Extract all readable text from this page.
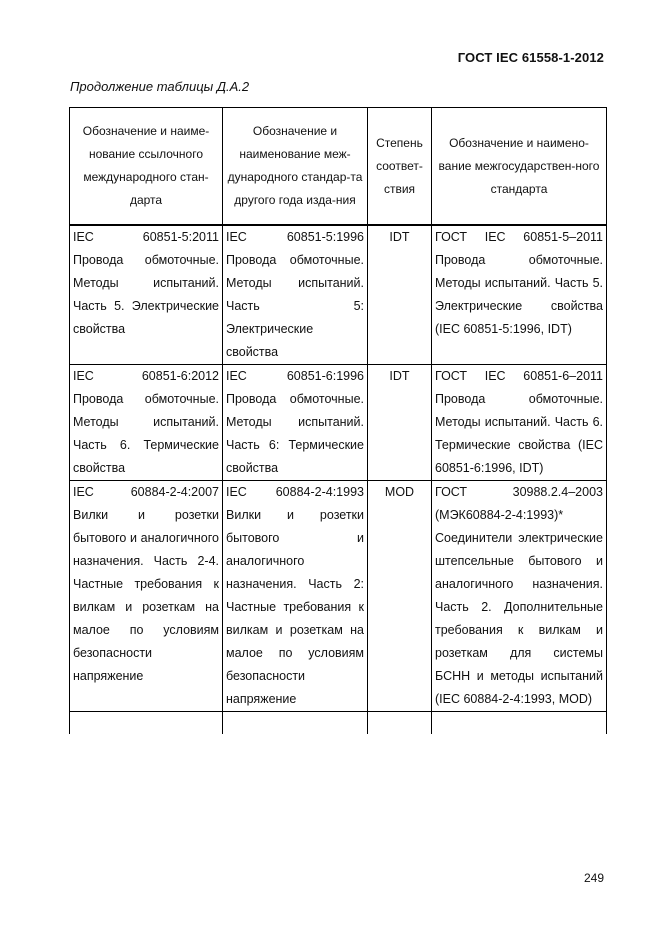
ГОСТ IEC 61558-1-2012
Продолжение таблицы Д.А.2
Обозначение и наиме-нование ссылочного международного стан-дарта	Обозначение и наименование меж-дународного стандар-та другого года изда-ния	Степень соответ-ствия	Обозначение и наимено-вание межгосударствен-ного стандарта

IEC 60851-5:2011 Провода обмоточные. Методы испытаний. Часть 5. Электрические свойства	IEC 60851-5:1996 Провода обмоточные. Методы испытаний. Часть 5: Электрические свойства	IDT	ГОСТ IEC 60851-5–2011 Провода обмоточные. Методы испытаний. Часть 5. Электрические свойства (IEC 60851-5:1996, IDT)

IEC 60851-6:2012 Провода обмоточные. Методы испытаний. Часть 6. Термические свойства	IEC 60851-6:1996 Провода обмоточные. Методы испытаний. Часть 6: Термические свойства	IDT	ГОСТ IEC 60851-6–2011 Провода обмоточные. Методы испытаний. Часть 6. Термические свойства (IEC 60851-6:1996, IDT)

IEC 60884-2-4:2007 Вилки и розетки бытового и аналогичного назначения. Часть 2-4. Частные требования к вилкам и розеткам на малое по условиям безопасности напряжение	IEC 60884-2-4:1993 Вилки и розетки бытового и аналогичного назначения. Часть 2: Частные требования к вилкам и розеткам на малое по условиям безопасности напряжение	MOD	ГОСТ 30988.2.4–2003 (МЭК60884-2-4:1993)* Соединители электрические штепсельные бытового и аналогичного назначения. Часть 2. Дополнительные требования к вилкам и розеткам для системы БСНН и методы испытаний (IEC 60884-2-4:1993, MOD)

249
